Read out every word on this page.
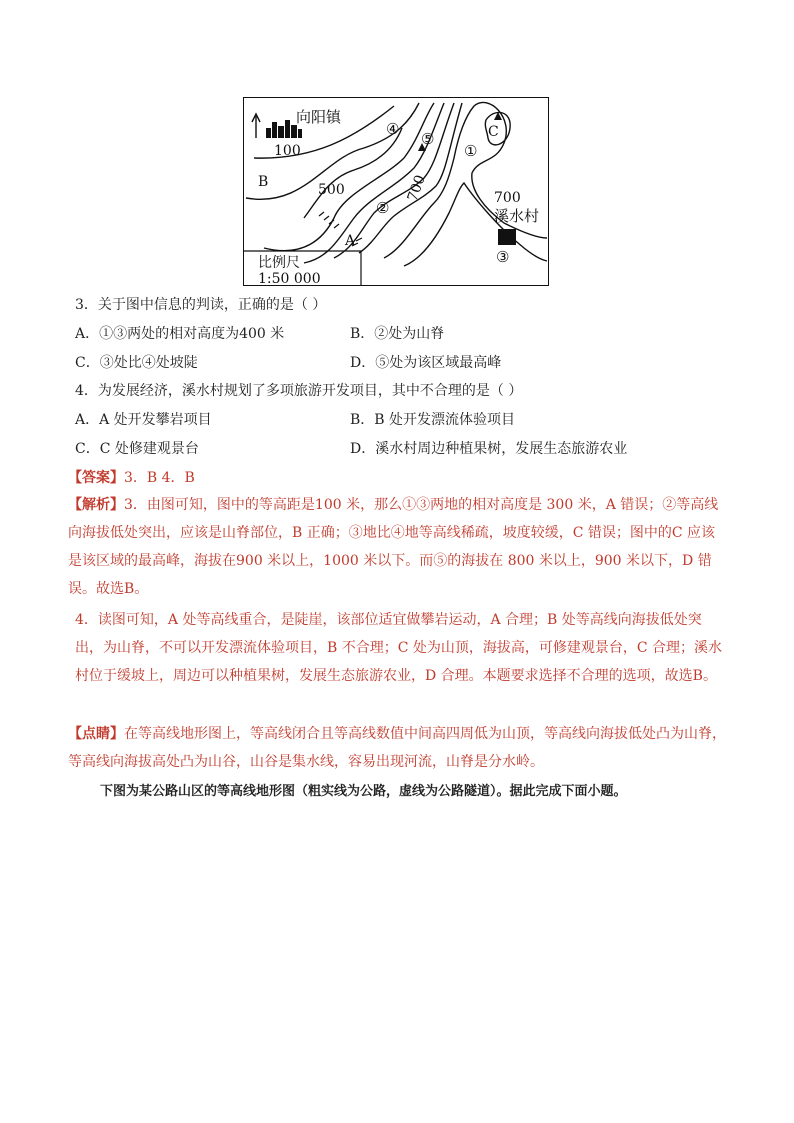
向阳镇
100
B	500
A
700	700
溪水村
C
④
⑤
①
②
③
比例尺
1:50 000
3．关于图中信息的判读，正确的是（ ）
A．①③两处的相对高度为400 米	B．②处为山脊
C．③处比④处坡陡	D．⑤处为该区域最高峰
4．为发展经济，溪水村规划了多项旅游开发项目，其中不合理的是（ ）
A．A 处开发攀岩项目	B．B 处开发漂流体验项目
C．C 处修建观景台	D．溪水村周边种植果树，发展生态旅游农业
【答案】3．B 4．B
【解析】3．由图可知，图中的等高距是100 米，那么①③两地的相对高度是 300 米，A 错误；②等高线向海拔低处突出，应该是山脊部位，B 正确；③地比④地等高线稀疏，坡度较缓，C 错误；图中的C 应该是该区域的最高峰，海拔在900 米以上，1000 米以下。而⑤的海拔在 800 米以上，900 米以下，D 错误。故选B。
4．读图可知，A 处等高线重合，是陡崖，该部位适宜做攀岩运动，A 合理；B 处等高线向海拔低处突出，为山脊，不可以开发漂流体验项目，B 不合理；C 处为山顶，海拔高，可修建观景台，C 合理；溪水村位于缓坡上，周边可以种植果树，发展生态旅游农业，D 合理。本题要求选择不合理的选项，故选B。
【点睛】在等高线地形图上，等高线闭合且等高线数值中间高四周低为山顶，等高线向海拔低处凸为山脊，等高线向海拔高处凸为山谷，山谷是集水线，容易出现河流，山脊是分水岭。
下图为某公路山区的等高线地形图（粗实线为公路，虚线为公路隧道）。据此完成下面小题。
